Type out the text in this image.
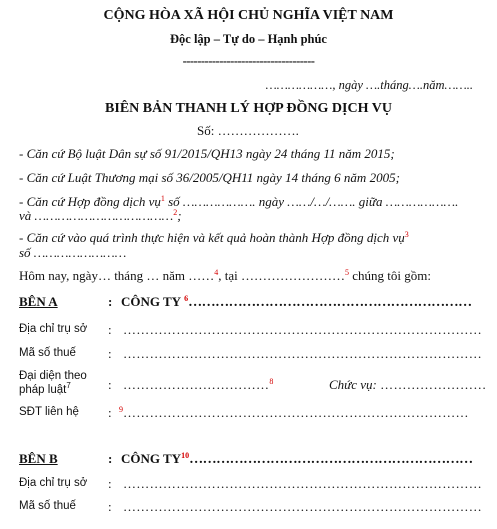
CỘNG HÒA XÃ HỘI CHỦ NGHĨA VIỆT NAM
Độc lập – Tự do – Hạnh phúc
------------------------------------
………………, ngày ….tháng….năm……..
BIÊN BẢN THANH LÝ HỢP ĐỒNG DỊCH VỤ
Số: ……………….
- Căn cứ Bộ luật Dân sự số 91/2015/QH13 ngày 24 tháng 11 năm 2015;
- Căn cứ Luật Thương mại số 36/2005/QH11 ngày 14 tháng 6 năm 2005;
- Căn cứ Hợp đồng dịch vụ$^1$ số ………………. ngày ……/…/……. giữa ……………….
và ………………………………$^2$;
- Căn cứ vào quá trình thực hiện và kết quả hoàn thành Hợp đồng dịch vụ$^3$
số ……………………
Hôm nay, ngày… tháng … năm ……$^4$, tại ……………………$^5$ chúng tôi gồm:
BÊN A	: CÔNG TY $^6$………………………………………………………
Địa chỉ trụ sở : ………………………………………………………………………
Mã số thuế : ………………………………………………………………………
Đại diện theo
pháp luật$^7$	: ……………………………$^8$	Chức vụ: ……………………
SĐT liên hệ : $^9$……………………………………………………………………
BÊN B	: CÔNG TY$^{10}$………………………………………………………
Địa chỉ trụ sở : ………………………………………………………………………
Mã số thuế : ………………………………………………………………………
